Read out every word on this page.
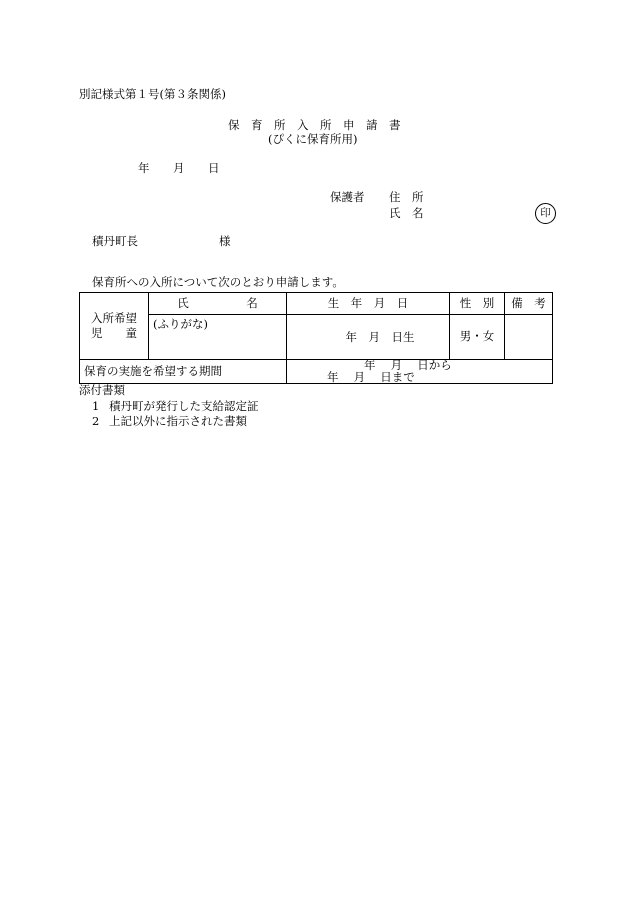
別記様式第１号(第３条関係)
保　育　所　入　所　申　請　書
(ぴくに保育所用)
年 月 日
保護者 住　所
氏　名	印
積丹町長	様
保育所への入所について次のとおり申請します。
入所希望
児　　童	氏　　　　　名	生　年　月　日	性　別	備　考
	(ふりがな)	年　月　日生	男・女	
保育の実施を希望する期間		年　 月　 日から 年　 月　 日まで		
添付書類
1 積丹町が発行した支給認定証
2 上記以外に指示された書類
